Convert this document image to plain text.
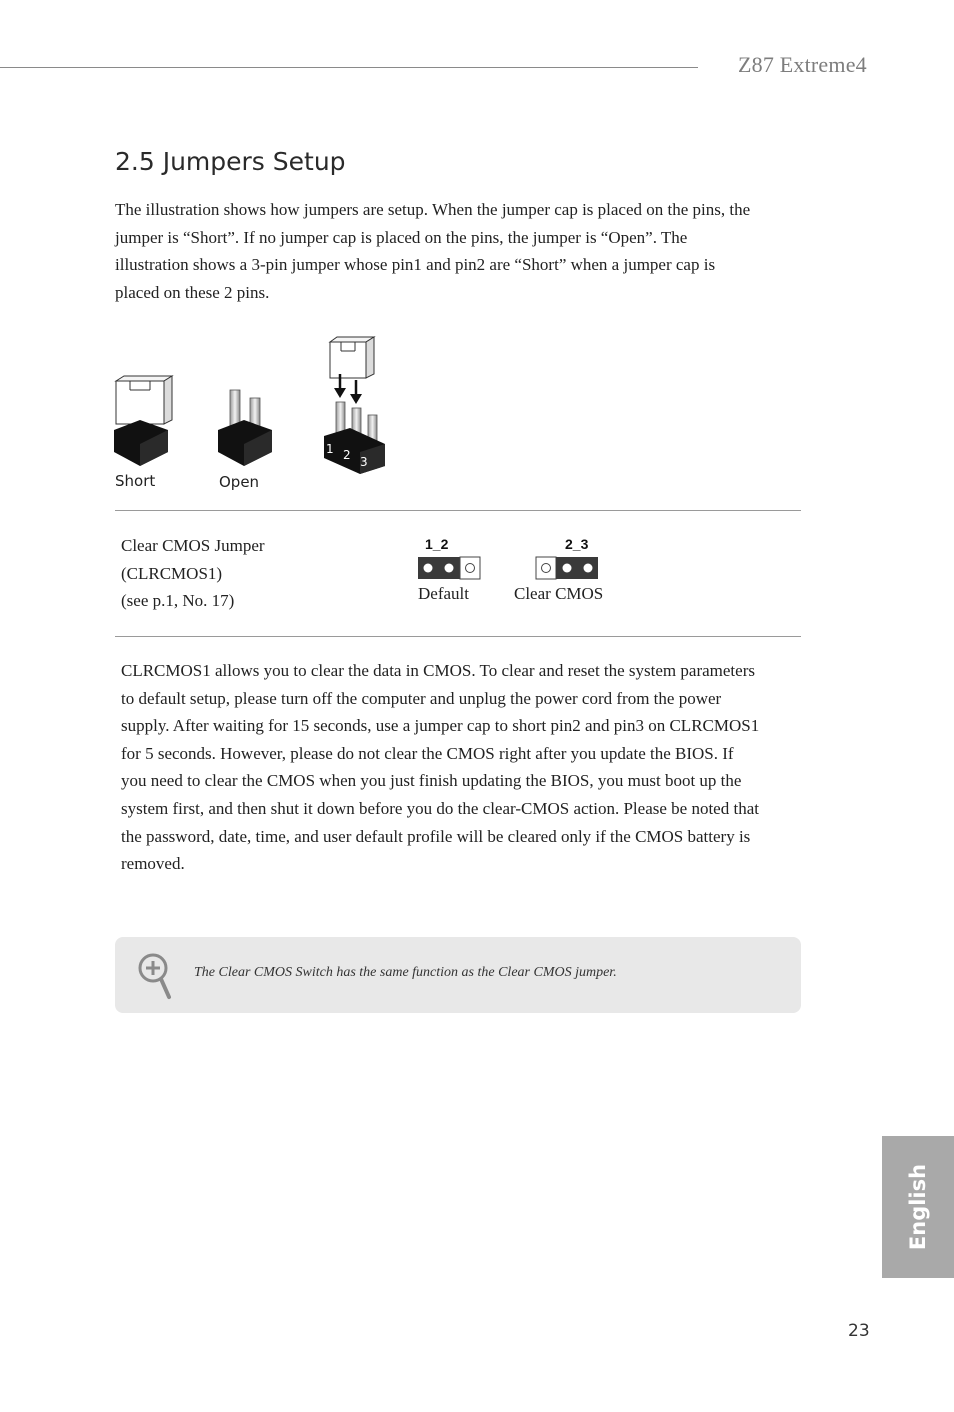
Z87 Extreme4
2.5 Jumpers Setup

The illustration shows how jumpers are setup. When the jumper cap is placed on the pins, the jumper is “Short”. If no jumper cap is placed on the pins, the jumper is “Open”. The illustration shows a 3-pin jumper whose pin1 and pin2 are “Short” when a jumper cap is placed on these 2 pins.

Short	Open
1 2 3
Clear CMOS Jumper
(CLRCMOS1)
(see p.1, No. 17)
1_2
Default
2_3
Clear CMOS

CLRCMOS1 allows you to clear the data in CMOS. To clear and reset the system parameters to default setup, please turn off the computer and unplug the power cord from the power supply. After waiting for 15 seconds, use a jumper cap to short pin2 and pin3 on CLRCMOS1 for 5 seconds. However, please do not clear the CMOS right after you update the BIOS. If you need to clear the CMOS when you just finish updating the BIOS, you must boot up the system first, and then shut it down before you do the clear-CMOS action. Please be noted that the password, date, time, and user default profile will be cleared only if the CMOS battery is removed.

The Clear CMOS Switch has the same function as the Clear CMOS jumper.
English
23
